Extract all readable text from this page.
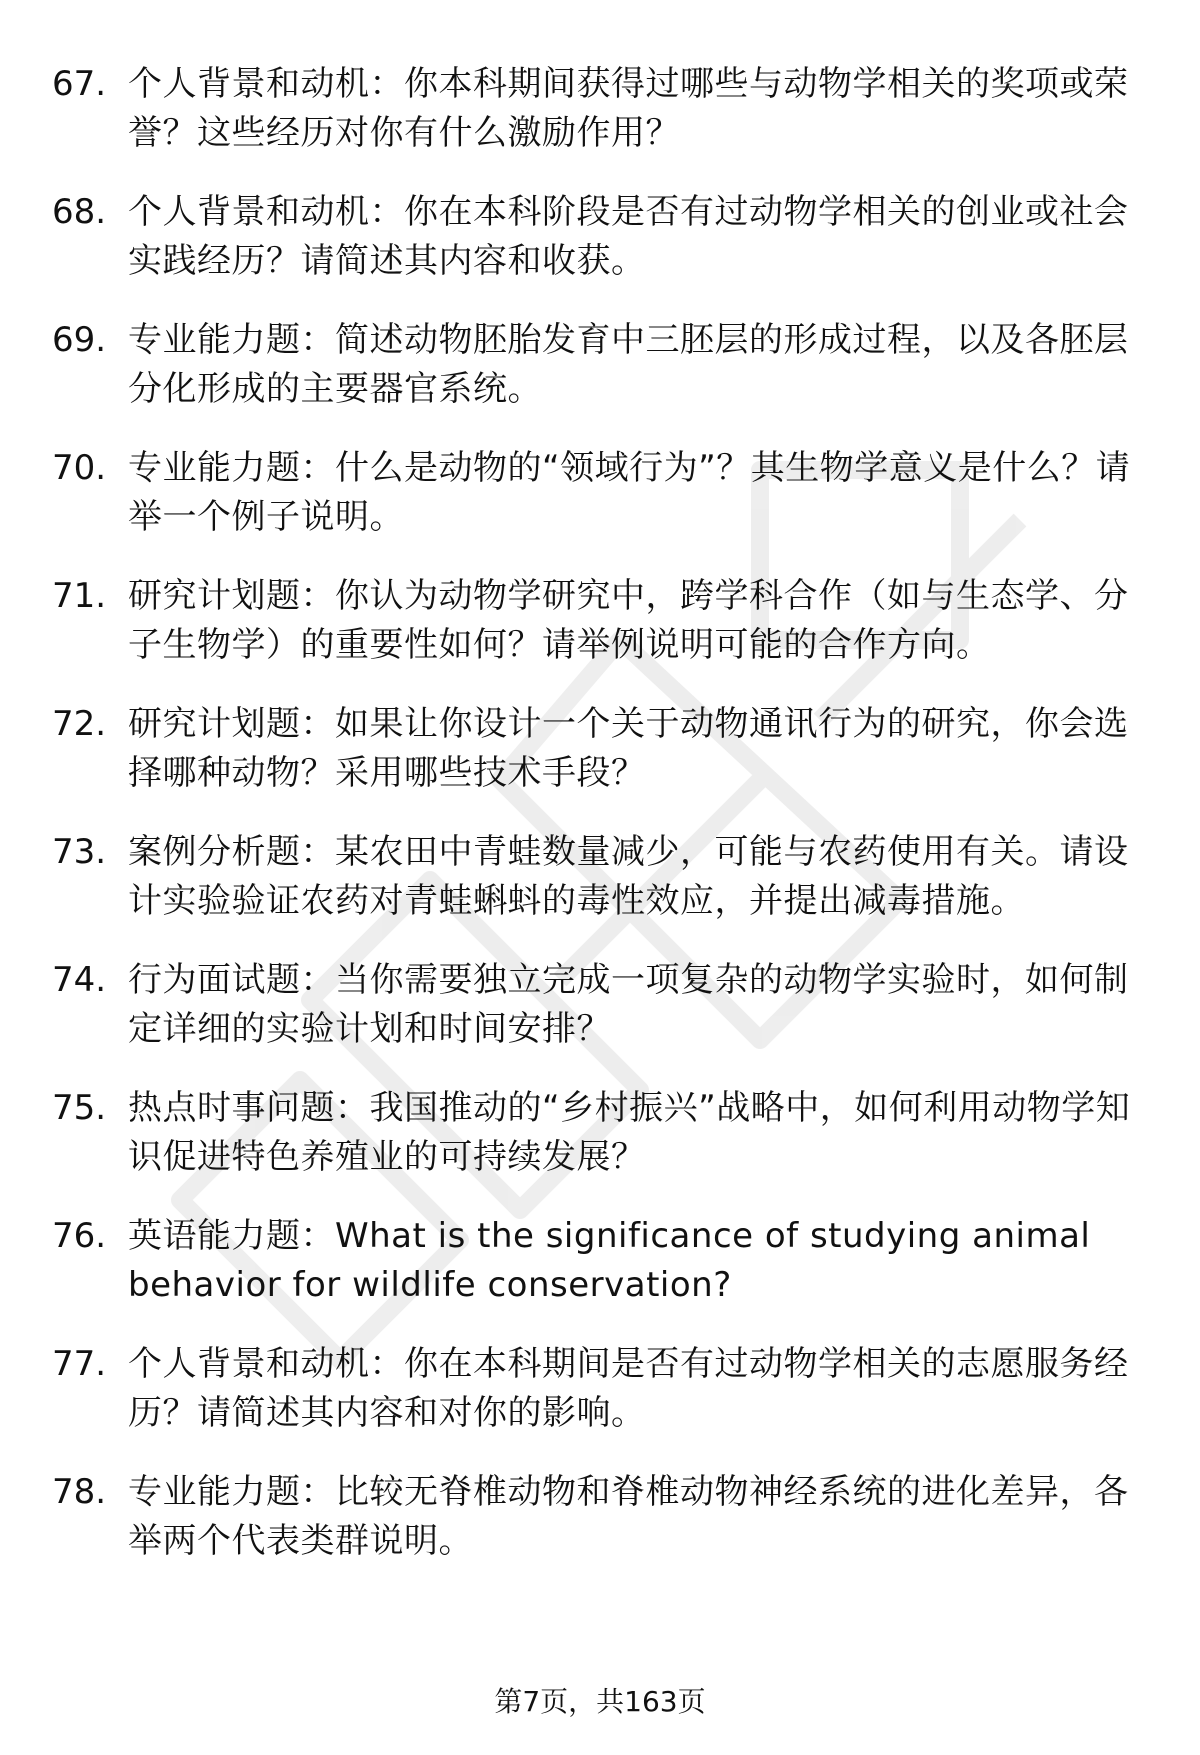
67. 个人背景和动机：你本科期间获得过哪些与动物学相关的奖项或荣誉？这些经历对你有什么激励作用？
68. 个人背景和动机：你在本科阶段是否有过动物学相关的创业或社会实践经历？请简述其内容和收获。
69. 专业能力题：简述动物胚胎发育中三胚层的形成过程，以及各胚层分化形成的主要器官系统。
70. 专业能力题：什么是动物的“领域行为”？其生物学意义是什么？请举一个例子说明。
71. 研究计划题：你认为动物学研究中，跨学科合作（如与生态学、分子生物学）的重要性如何？请举例说明可能的合作方向。
72. 研究计划题：如果让你设计一个关于动物通讯行为的研究，你会选择哪种动物？采用哪些技术手段？
73. 案例分析题：某农田中青蛙数量减少，可能与农药使用有关。请设计实验验证农药对青蛙蝌蚪的毒性效应，并提出减毒措施。
74. 行为面试题：当你需要独立完成一项复杂的动物学实验时，如何制定详细的实验计划和时间安排？
75. 热点时事问题：我国推动的“乡村振兴”战略中，如何利用动物学知识促进特色养殖业的可持续发展？
76. 英语能力题：What is the significance of studying animal behavior for wildlife conservation?
77. 个人背景和动机：你在本科期间是否有过动物学相关的志愿服务经历？请简述其内容和对你的影响。
78. 专业能力题：比较无脊椎动物和脊椎动物神经系统的进化差异，各举两个代表类群说明。
第7页，共163页
